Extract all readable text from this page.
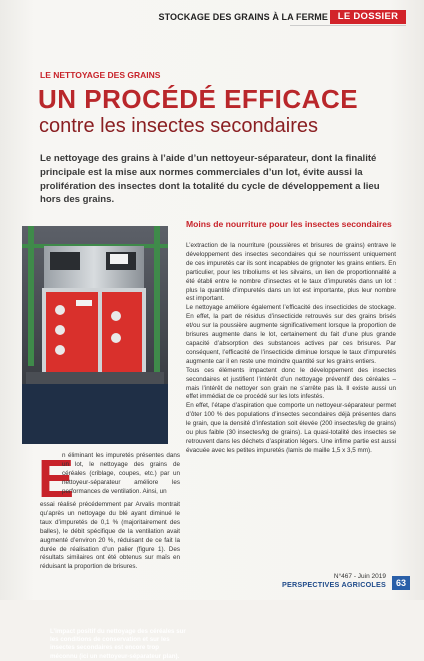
STOCKAGE DES GRAINS À LA FERME	LE DOSSIER
LE NETTOYAGE DES GRAINS
UN PROCÉDÉ EFFICACE
contre les insectes secondaires

Le nettoyage des grains à l’aide d’un nettoyeur-séparateur, dont la finalité principale est la mise aux normes commerciales d’un lot, évite aussi la prolifération des insectes dont la totalité du cycle de développement a lieu hors des grains.

L’impact positif du nettoyage des céréales sur les conditions de conservation et sur les insectes secondaires est encore trop méconnu (ici un nettoyeur-séparateur plan).
E

n éliminant les impuretés présentes dans un lot, le nettoyage des grains de céréales (criblage, coupes, etc.) par un nettoyeur-séparateur améliore les performances de ventilation. Ainsi, un

essai réalisé précédemment par Arvalis montrait qu’après un nettoyage du blé ayant diminué le taux d’impuretés de 0,1 % (majoritairement des balles), le débit spécifique de la ventilation avait augmenté d’environ 20 %, réduisant de ce fait la durée de réalisation d’un palier (figure 1). Des résultats similaires ont été obtenus sur maïs en réduisant la proportion de brisures.

Moins de nourriture pour les insectes secondaires

L’extraction de la nourriture (poussières et brisures de grains) entrave le développement des insectes secondaires qui se nourrissent uniquement de ces impuretés car ils sont incapables de grignoter les grains entiers. En particulier, pour les triboliums et les silvains, un lien de proportionnalité a été établi entre le nombre d’insectes et le taux d’impuretés dans un lot : plus la quantité d’impuretés dans un lot est importante, plus leur nombre est important.

Le nettoyage améliore également l’efficacité des insecticides de stockage. En effet, la part de résidus d’insecticide retrouvés sur des grains brisés et/ou sur la poussière augmente significativement lorsque la proportion de brisures augmente dans le lot, certainement du fait d’une plus grande capacité d’absorption des substances actives par ces brisures. Par conséquent, l’efficacité de l’insecticide diminue lorsque le taux d’impuretés augmente car il en reste une moindre quantité sur les grains entiers.

Tous ces éléments impactent donc le développement des insectes secondaires et justifient l’intérêt d’un nettoyage préventif des céréales – mais l’intérêt de nettoyer son grain ne s’arrête pas là. Il existe aussi un effet immédiat de ce procédé sur les lots infestés.

En effet, l’étape d’aspiration que comporte un nettoyeur-séparateur permet d’ôter 100 % des populations d’insectes secondaires déjà présentes dans le grain, que la densité d’infestation soit élevée (200 insectes/kg de grains) ou plus faible (30 insectes/kg de grains). La quasi-totalité des insectes se retrouvent dans les déchets d’aspiration légers. Une infime partie est aussi évacuée avec les petites impuretés (lamis de maille 1,5 x 3,5 mm).

N°467 - Juin 2019
PERSPECTIVES AGRICOLES	63
